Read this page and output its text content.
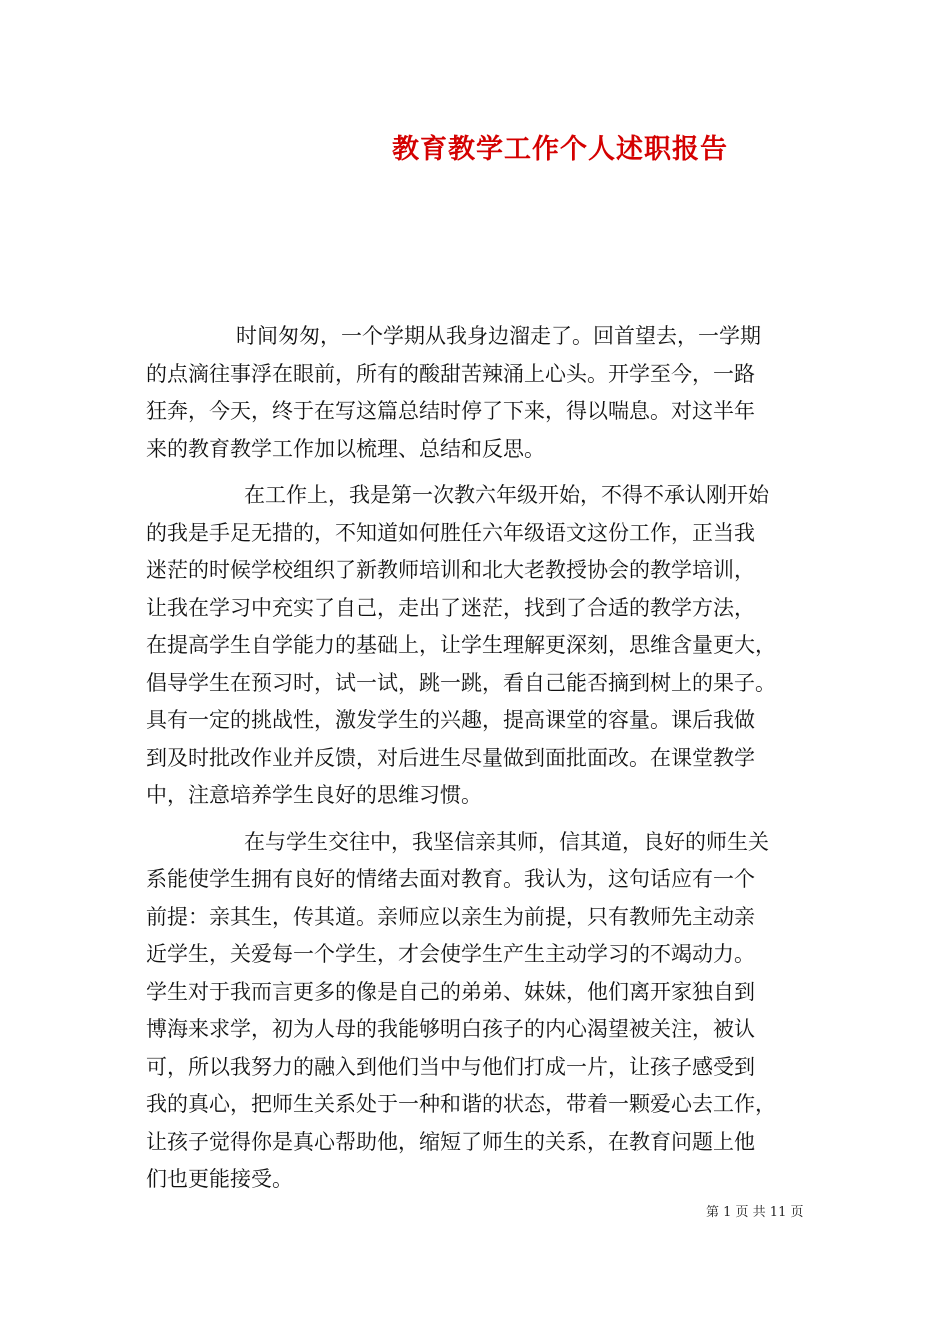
教育教学工作个人述职报告
时间匆匆，一个学期从我身边溜走了。回首望去，一学期
的点滴往事浮在眼前，所有的酸甜苦辣涌上心头。开学至今，一路
狂奔，今天，终于在写这篇总结时停了下来，得以喘息。对这半年
来的教育教学工作加以梳理、总结和反思。
在工作上，我是第一次教六年级开始，不得不承认刚开始
的我是手足无措的，不知道如何胜任六年级语文这份工作，正当我
迷茫的时候学校组织了新教师培训和北大老教授协会的教学培训，
让我在学习中充实了自己，走出了迷茫，找到了合适的教学方法，
在提高学生自学能力的基础上，让学生理解更深刻，思维含量更大，
倡导学生在预习时，试一试，跳一跳，看自己能否摘到树上的果子。
具有一定的挑战性，激发学生的兴趣，提高课堂的容量。课后我做
到及时批改作业并反馈，对后进生尽量做到面批面改。在课堂教学
中，注意培养学生良好的思维习惯。
在与学生交往中，我坚信亲其师，信其道，良好的师生关
系能使学生拥有良好的情绪去面对教育。我认为，这句话应有一个
前提：亲其生，传其道。亲师应以亲生为前提，只有教师先主动亲
近学生，关爱每一个学生，才会使学生产生主动学习的不竭动力。
学生对于我而言更多的像是自己的弟弟、妹妹，他们离开家独自到
博海来求学，初为人母的我能够明白孩子的内心渴望被关注，被认
可，所以我努力的融入到他们当中与他们打成一片，让孩子感受到
我的真心，把师生关系处于一种和谐的状态，带着一颗爱心去工作，
让孩子觉得你是真心帮助他，缩短了师生的关系，在教育问题上他
们也更能接受。
第 1 页 共 11 页
